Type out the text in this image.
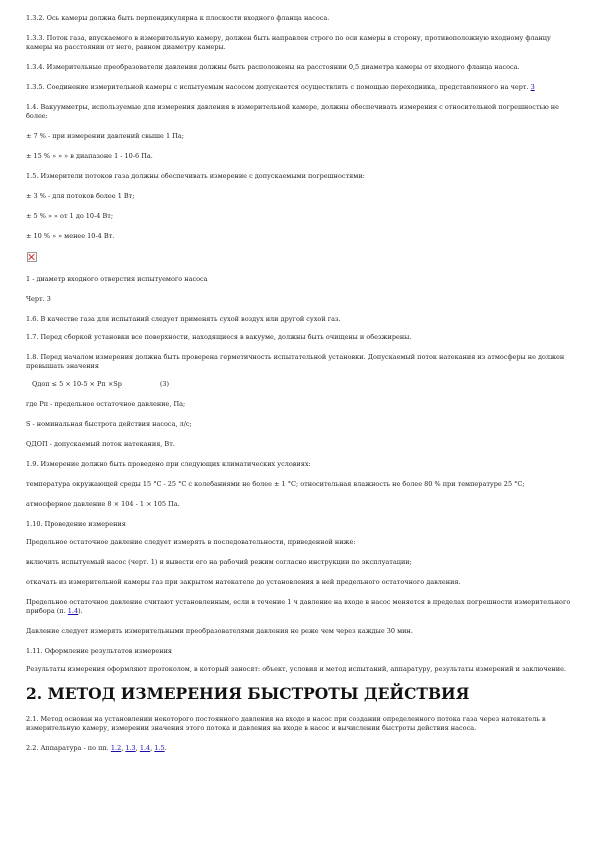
1.3.2. Ось камеры должна быть перпендикулярна к плоскости входного фланца насоса.

1.3.3. Поток газа, впускаемого в измерительную камеру, должен быть направлен строго по оси камеры в сторону, противоположную входному фланцу камеры на расстоянии от него, равном диаметру камеры.

1.3.4. Измерительные преобразователи давления должны быть расположены на расстоянии 0,5 диаметра камеры от входного фланца насоса.

1.3.5. Соединение измерительной камеры с испытуемым насосом допускается осуществлять с помощью переходника, представленного на черт. 3

1.4. Вакуумметры, используемые для измерения давления в измерительной камере, должны обеспечивать измерения с относительной погрешностью не более:

± 7 % - при измерении давлений свыше 1 Па;

± 15 % » » » в диапазоне 1 - 10-6 Па.

1.5. Измерители потоков газа должны обеспечивать измерение с допускаемыми погрешностями:

± 3 % - для потоков более 1 Вт;

± 5 % » » от 1 до 10-4 Вт;

± 10 % » » менее 10-4 Вт.

1 - диаметр входного отверстия испытуемого насоса

Черт. 3

1.6. В качестве газа для испытаний следует применять сухой воздух или другой сухой газ.

1.7. Перед сборкой установки все поверхности, находящиеся в вакууме, должны быть очищены и обезжирены.

1.8. Перед началом измерения должна быть проверена герметичность испытательной установки. Допускаемый поток натекания из атмосферы не должен превышать значения

Qдоп ≤ 5 × 10-5 × Pп ×Sp	(3)

где Pп - предельное остаточное давление, Па;

S - номинальная быстрота действия насоса, л/с;

QДОП - допускаемый поток натекания, Вт.

1.9. Измерение должно быть проведено при следующих климатических условиях:

температура окружающей среды 15 °С - 25 °С с колебаниями не более ± 1 °С; относительная влажность не более 80 % при температуре 25 °С;

атмосферное давление 8 × 104 - 1 × 105 Па.

1.10. Проведение измерения

Предельное остаточное давление следует измерять в последовательности, приведенной ниже:

включить испытуемый насос (черт. 1) и вывести его на рабочий режим согласно инструкции по эксплуатации;

откачать из измерительной камеры газ при закрытом натекателе до установления в ней предельного остаточного давления.

Предельное остаточное давление считают установленным, если в течение 1 ч давление на входе в насос меняется в пределах погрешности измерительного прибора (п. 1.4).

Давление следует измерять измерительными преобразователями давления не реже чем через каждые 30 мин.

1.11. Оформление результатов измерения

Результаты измерения оформляют протоколом, в который заносят: объект, условия и метод испытаний, аппаратуру, результаты измерений и заключение.

2. МЕТОД ИЗМЕРЕНИЯ БЫСТРОТЫ ДЕЙСТВИЯ

2.1. Метод основан на установлении некоторого постоянного давления на входе в насос при создании определенного потока газа через натекатель в измерительную камеру, измерении значения этого потока и давления на входе в насос и вычислении быстроты действия насоса.

2.2. Аппаратура - по пп. 1.2, 1.3, 1.4, 1.5.
